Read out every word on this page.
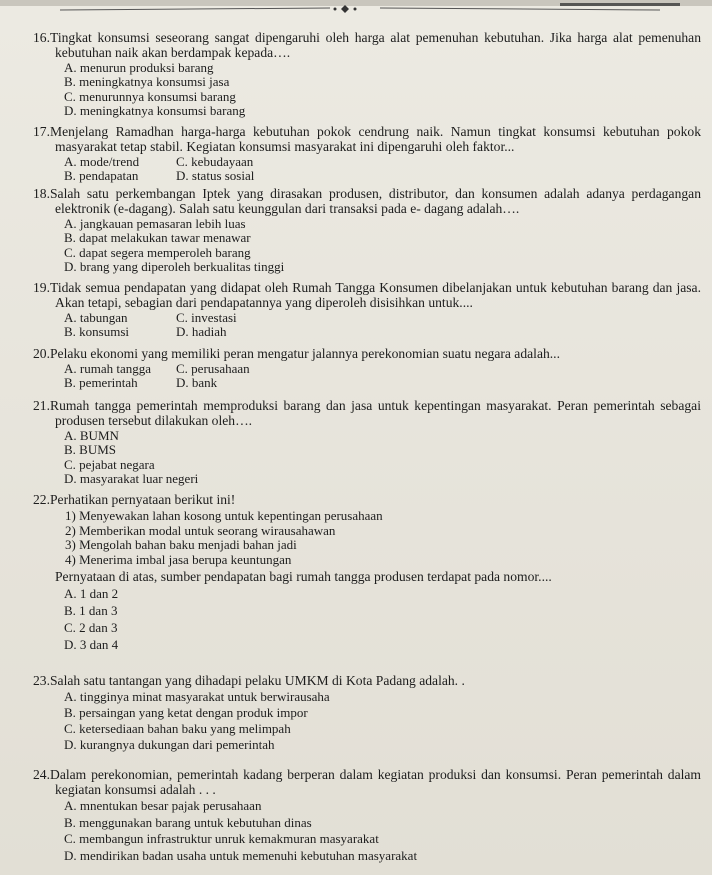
16.Tingkat konsumsi seseorang sangat dipengaruhi oleh harga alat pemenuhan kebutuhan. Jika harga alat pemenuhan kebutuhan naik akan berdampak kepada….

A. menurun produksi barang
B. meningkatnya konsumsi jasa
C. menurunnya konsumsi barang
D. meningkatnya konsumsi barang

17.Menjelang Ramadhan harga-harga kebutuhan pokok cendrung naik. Namun tingkat konsumsi kebutuhan pokok masyarakat tetap stabil. Kegiatan konsumsi masyarakat ini dipengaruhi oleh faktor...

A. mode/trend	C. kebudayaan
B. pendapatan	D. status sosial

18.Salah satu perkembangan Iptek yang dirasakan produsen, distributor, dan konsumen adalah adanya perdagangan elektronik (e-dagang). Salah satu keunggulan dari transaksi pada e- dagang adalah….

A. jangkauan pemasaran lebih luas
B. dapat melakukan tawar menawar
C. dapat segera memperoleh barang
D. brang yang diperoleh berkualitas tinggi

19.Tidak semua pendapatan yang didapat oleh Rumah Tangga Konsumen dibelanjakan untuk kebutuhan barang dan jasa. Akan tetapi, sebagian dari pendapatannya yang diperoleh disisihkan untuk....

A. tabungan	C. investasi
B. konsumsi	D. hadiah

20.Pelaku ekonomi yang memiliki peran mengatur jalannya perekonomian suatu negara adalah...

A. rumah tangga	C. perusahaan
B. pemerintah	D. bank

21.Rumah tangga pemerintah memproduksi barang dan jasa untuk kepentingan masyarakat. Peran pemerintah sebagai produsen tersebut dilakukan oleh….

A. BUMN
B. BUMS
C. pejabat negara
D. masyarakat luar negeri

22.Perhatikan pernyataan berikut ini!

1) Menyewakan lahan kosong untuk kepentingan perusahaan
2) Memberikan modal untuk seorang wirausahawan
3) Mengolah bahan baku menjadi bahan jadi
4) Menerima imbal jasa berupa keuntungan

Pernyataan di atas, sumber pendapatan bagi rumah tangga produsen terdapat pada nomor....

A. 1 dan 2
B. 1 dan 3
C. 2 dan 3
D. 3 dan 4

23.Salah satu tantangan yang dihadapi pelaku UMKM di Kota Padang adalah. .

A. tingginya minat masyarakat untuk berwirausaha
B. persaingan yang ketat dengan produk impor
C. ketersediaan bahan baku yang melimpah
D. kurangnya dukungan dari pemerintah

24.Dalam perekonomian, pemerintah kadang berperan dalam kegiatan produksi dan konsumsi. Peran pemerintah dalam kegiatan konsumsi adalah . . .

A. mnentukan besar pajak perusahaan
B. menggunakan barang untuk kebutuhan dinas
C. membangun infrastruktur unruk kemakmuran masyarakat
D. mendirikan badan usaha untuk memenuhi kebutuhan masyarakat
